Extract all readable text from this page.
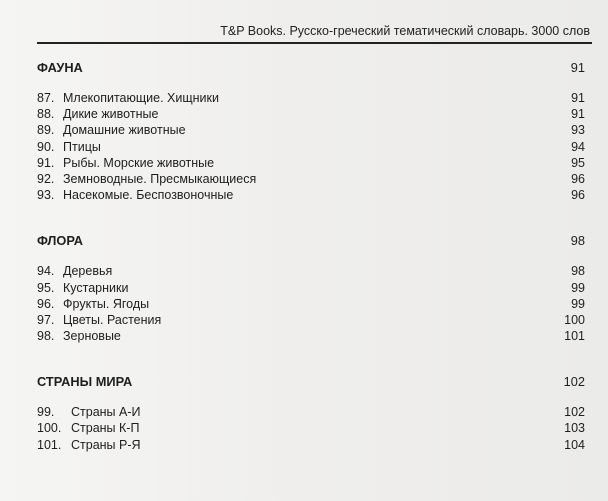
T&P Books. Русско-греческий тематический словарь. 3000 слов
ФАУНА	91
87. Млекопитающие. Хищники	91
88. Дикие животные	91
89. Домашние животные	93
90. Птицы	94
91. Рыбы. Морские животные	95
92. Земноводные. Пресмыкающиеся	96
93. Насекомые. Беспозвоночные	96
ФЛОРА	98
94. Деревья	98
95. Кустарники	99
96. Фрукты. Ягоды	99
97. Цветы. Растения	100
98. Зерновые	101
СТРАНЫ МИРА	102
99. Страны А-И	102
100. Страны К-П	103
101. Страны Р-Я	104
